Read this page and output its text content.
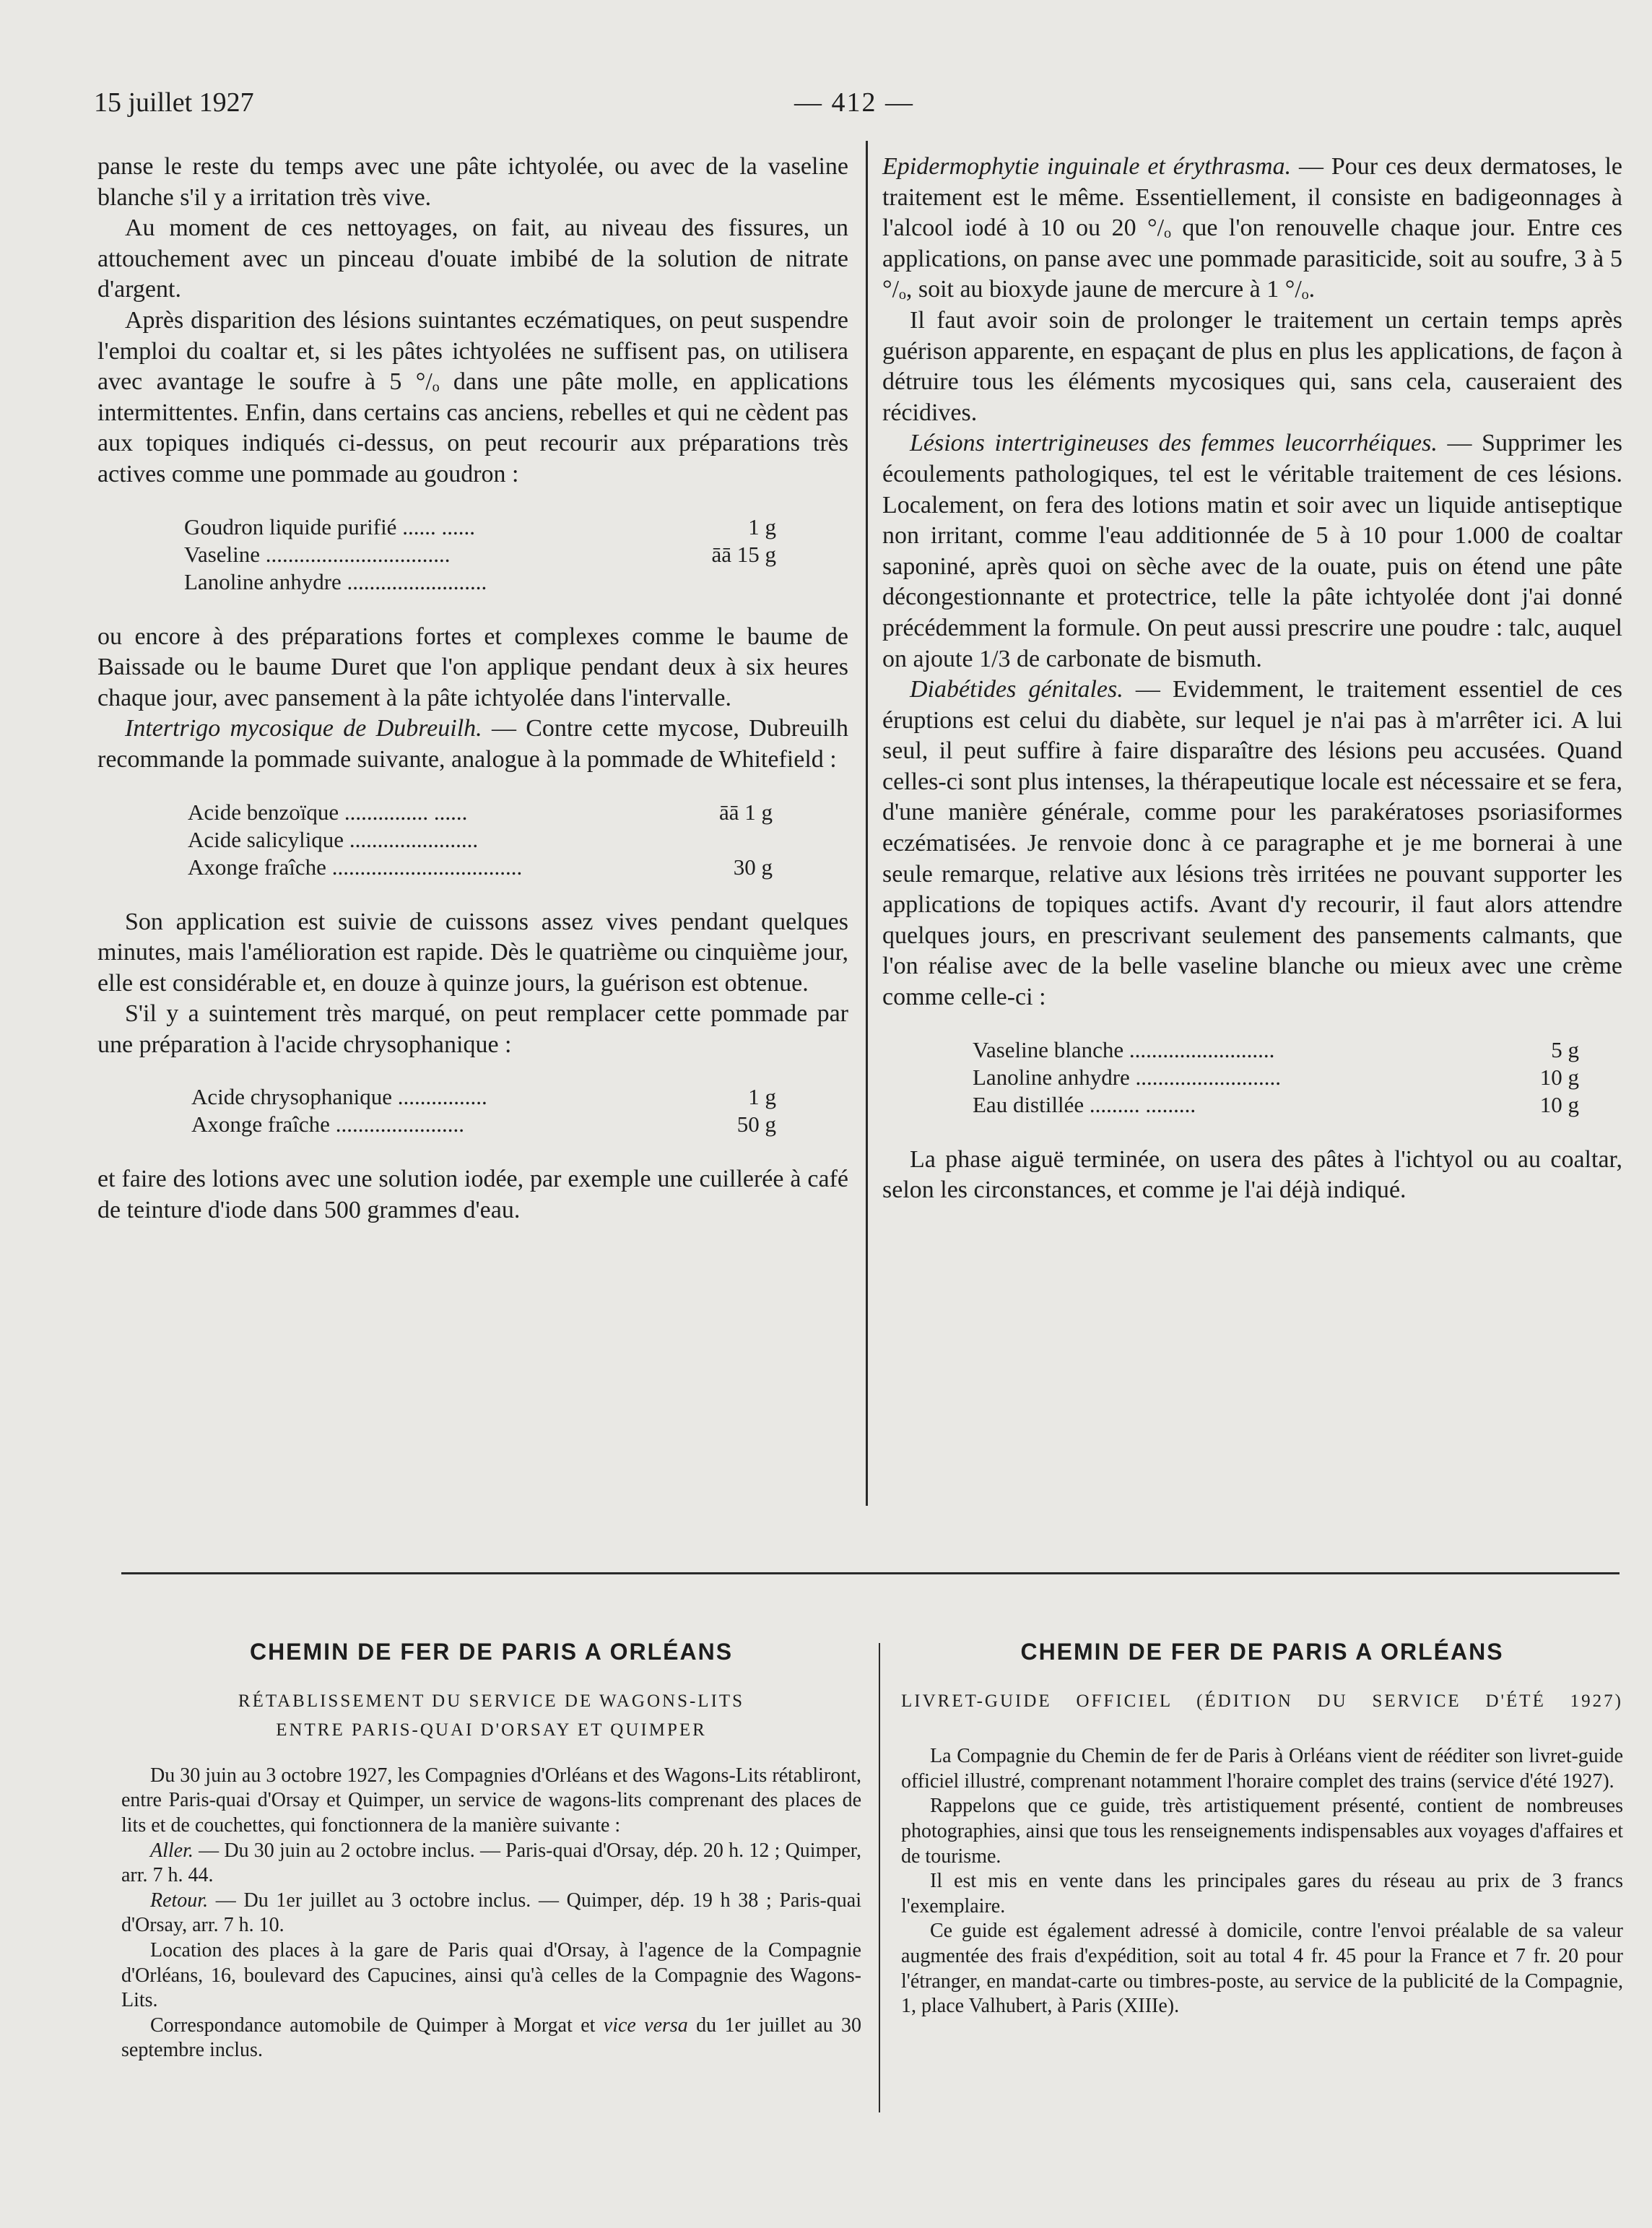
15 juillet 1927	— 412 —

panse le reste du temps avec une pâte ichtyolée, ou avec de la vaseline blanche s'il y a irritation très vive.

Au moment de ces nettoyages, on fait, au niveau des fissures, un attouchement avec un pinceau d'ouate imbibé de la solution de nitrate d'argent.

Après disparition des lésions suintantes eczématiques, on peut suspendre l'emploi du coaltar et, si les pâtes ichtyolées ne suffisent pas, on utilisera avec avantage le soufre à 5 °/ₒ dans une pâte molle, en applications intermittentes. Enfin, dans certains cas anciens, rebelles et qui ne cèdent pas aux topiques indiqués ci-dessus, on peut recourir aux préparations très actives comme une pommade au goudron :

Goudron liquide purifié ...... ......	1 g
Vaseline .................................	āā 15 g
Lanoline anhydre .........................

ou encore à des préparations fortes et complexes comme le baume de Baissade ou le baume Duret que l'on applique pendant deux à six heures chaque jour, avec pansement à la pâte ichtyolée dans l'intervalle.

Intertrigo mycosique de Dubreuilh. — Contre cette mycose, Dubreuilh recommande la pommade suivante, analogue à la pommade de Whitefield :

Acide benzoïque ............... ......	āā 1 g
Acide salicylique .......................
Axonge fraîche ..................................	30 g

Son application est suivie de cuissons assez vives pendant quelques minutes, mais l'amélioration est rapide. Dès le quatrième ou cinquième jour, elle est considérable et, en douze à quinze jours, la guérison est obtenue.

S'il y a suintement très marqué, on peut remplacer cette pommade par une préparation à l'acide chrysophanique :

Acide chrysophanique ................	1 g
Axonge fraîche .......................	50 g

et faire des lotions avec une solution iodée, par exemple une cuillerée à café de teinture d'iode dans 500 grammes d'eau.

Epidermophytie inguinale et érythrasma. — Pour ces deux dermatoses, le traitement est le même. Essentiellement, il consiste en badigeonnages à l'alcool iodé à 10 ou 20 °/ₒ que l'on renouvelle chaque jour. Entre ces applications, on panse avec une pommade parasiticide, soit au soufre, 3 à 5 °/ₒ, soit au bioxyde jaune de mercure à 1 °/ₒ.

Il faut avoir soin de prolonger le traitement un certain temps après guérison apparente, en espaçant de plus en plus les applications, de façon à détruire tous les éléments mycosiques qui, sans cela, causeraient des récidives.

Lésions intertrigineuses des femmes leucorrhéiques. — Supprimer les écoulements pathologiques, tel est le véritable traitement de ces lésions. Localement, on fera des lotions matin et soir avec un liquide antiseptique non irritant, comme l'eau additionnée de 5 à 10 pour 1.000 de coaltar saponiné, après quoi on sèche avec de la ouate, puis on étend une pâte décongestionnante et protectrice, telle la pâte ichtyolée dont j'ai donné précédemment la formule. On peut aussi prescrire une poudre : talc, auquel on ajoute 1/3 de carbonate de bismuth.

Diabétides génitales. — Evidemment, le traitement essentiel de ces éruptions est celui du diabète, sur lequel je n'ai pas à m'arrêter ici. A lui seul, il peut suffire à faire disparaître des lésions peu accusées. Quand celles-ci sont plus intenses, la thérapeutique locale est nécessaire et se fera, d'une manière générale, comme pour les parakératoses psoriasiformes eczématisées. Je renvoie donc à ce paragraphe et je me bornerai à une seule remarque, relative aux lésions très irritées ne pouvant supporter les applications de topiques actifs. Avant d'y recourir, il faut alors attendre quelques jours, en prescrivant seulement des pansements calmants, que l'on réalise avec de la belle vaseline blanche ou mieux avec une crème comme celle-ci :

Vaseline blanche ..........................	5 g
Lanoline anhydre ..........................	10 g
Eau distillée ......... .........	10 g

La phase aiguë terminée, on usera des pâtes à l'ichtyol ou au coaltar, selon les circonstances, et comme je l'ai déjà indiqué.

CHEMIN DE FER DE PARIS A ORLÉANS
RÉTABLISSEMENT DU SERVICE DE WAGONS-LITS
ENTRE PARIS-QUAI D'ORSAY ET QUIMPER

Du 30 juin au 3 octobre 1927, les Compagnies d'Orléans et des Wagons-Lits rétabliront, entre Paris-quai d'Orsay et Quimper, un service de wagons-lits comprenant des places de lits et de couchettes, qui fonctionnera de la manière suivante :

Aller. — Du 30 juin au 2 octobre inclus. — Paris-quai d'Orsay, dép. 20 h. 12 ; Quimper, arr. 7 h. 44.

Retour. — Du 1er juillet au 3 octobre inclus. — Quimper, dép. 19 h 38 ; Paris-quai d'Orsay, arr. 7 h. 10.

Location des places à la gare de Paris quai d'Orsay, à l'agence de la Compagnie d'Orléans, 16, boulevard des Capucines, ainsi qu'à celles de la Compagnie des Wagons-Lits.

Correspondance automobile de Quimper à Morgat et vice versa du 1er juillet au 30 septembre inclus.

CHEMIN DE FER DE PARIS A ORLÉANS
LIVRET-GUIDE OFFICIEL (ÉDITION DU SERVICE D'ÉTÉ 1927)

La Compagnie du Chemin de fer de Paris à Orléans vient de rééditer son livret-guide officiel illustré, comprenant notamment l'horaire complet des trains (service d'été 1927).

Rappelons que ce guide, très artistiquement présenté, contient de nombreuses photographies, ainsi que tous les renseignements indispensables aux voyages d'affaires et de tourisme.

Il est mis en vente dans les principales gares du réseau au prix de 3 francs l'exemplaire.

Ce guide est également adressé à domicile, contre l'envoi préalable de sa valeur augmentée des frais d'expédition, soit au total 4 fr. 45 pour la France et 7 fr. 20 pour l'étranger, en mandat-carte ou timbres-poste, au service de la publicité de la Compagnie, 1, place Valhubert, à Paris (XIIIe).
